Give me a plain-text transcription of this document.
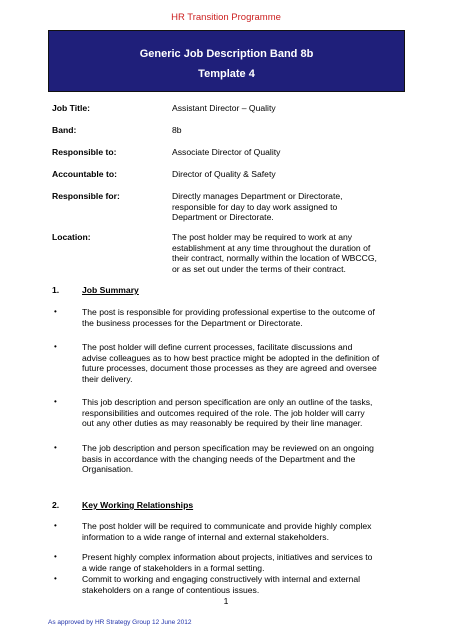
HR Transition Programme
Generic Job Description Band 8b
Template 4
Job Title:	Assistant Director – Quality
Band:	8b
Responsible to:	Associate Director of Quality
Accountable to:	Director of Quality & Safety
Responsible for:	Directly manages Department or Directorate,
responsible for day to day work assigned to
Department or Directorate.
Location:	The post holder may be required to work at any
establishment at any time throughout the duration of
their contract, normally within the location of WBCCG,
or as set out under the terms of their contract.
1.	Job Summary
•	The post is responsible for providing professional expertise to the outcome of
the business processes for the Department or Directorate.
•	The post holder will define current processes, facilitate discussions and
advise colleagues as to how best practice might be adopted in the definition of
future processes, document those processes as they are agreed and oversee
their delivery.
•	This job description and person specification are only an outline of the tasks,
responsibilities and outcomes required of the role. The job holder will carry
out any other duties as may reasonably be required by their line manager.
•	The job description and person specification may be reviewed on an ongoing
basis in accordance with the changing needs of the Department and the
Organisation.
2.	Key Working Relationships
•	The post holder will be required to communicate and provide highly complex
information to a wide range of internal and external stakeholders.
•	Present highly complex information about projects, initiatives and services to
a wide range of stakeholders in a formal setting.
•	Commit to working and engaging constructively with internal and external
stakeholders on a range of contentious issues.
1
As approved by HR Strategy Group 12 June 2012
